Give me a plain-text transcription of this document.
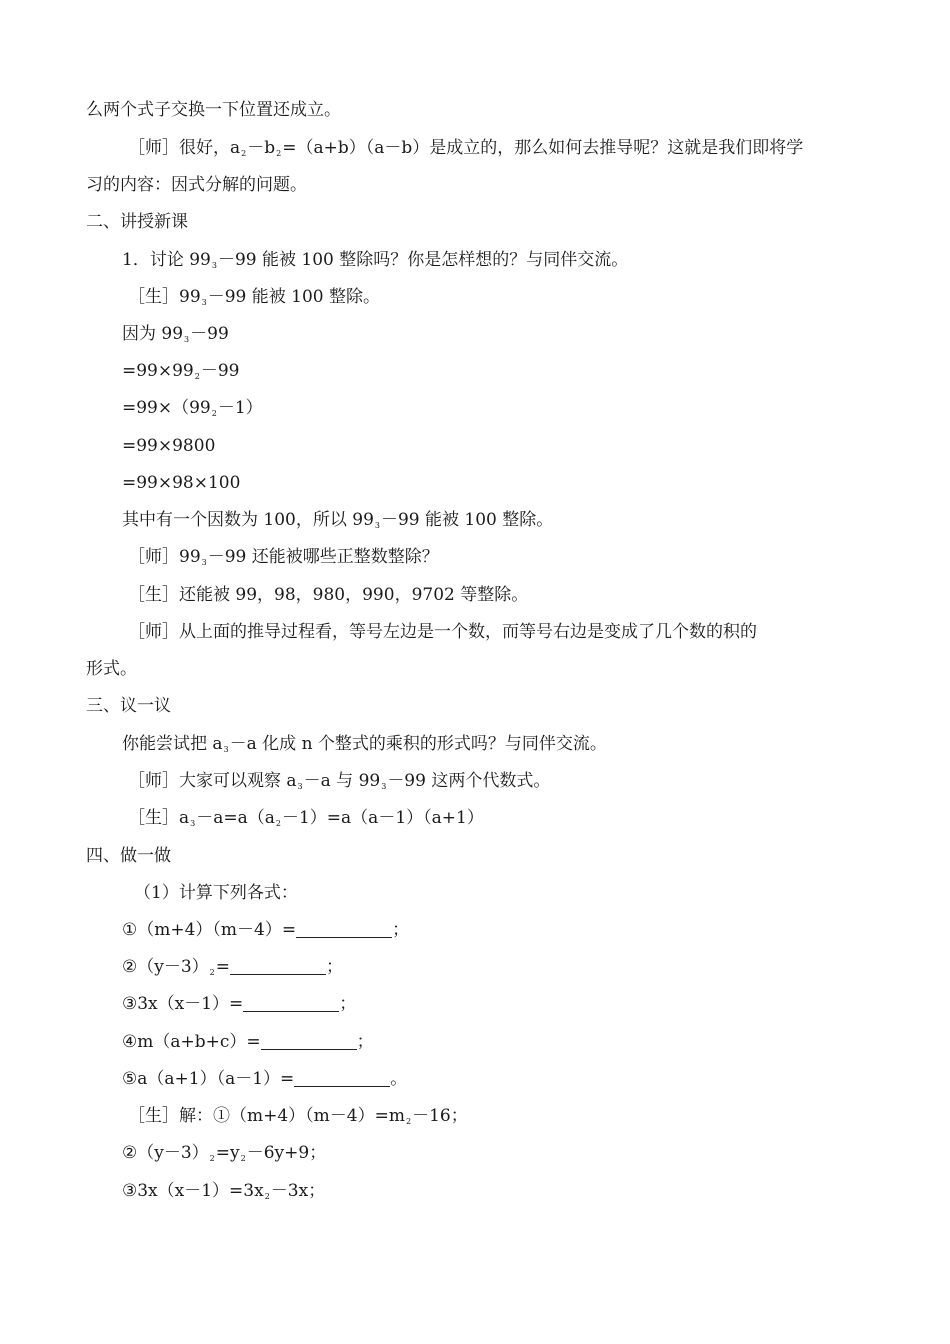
么两个式子交换一下位置还成立。
［师］很好，a2－b2=（a+b）（a－b）是成立的，那么如何去推导呢？这就是我们即将学
习的内容：因式分解的问题。
二、讲授新课
1．讨论 993－99 能被 100 整除吗？你是怎样想的？与同伴交流。
［生］993－99 能被 100 整除。
因为 993－99
=99×992－99
=99×（992－1）
=99×9800
=99×98×100
其中有一个因数为 100，所以 993－99 能被 100 整除。
［师］993－99 还能被哪些正整数整除？
［生］还能被 99，98，980，990，9702 等整除。
［师］从上面的推导过程看，等号左边是一个数，而等号右边是变成了几个数的积的
形式。
三、议一议
你能尝试把 a3－a 化成 n 个整式的乘积的形式吗？与同伴交流。
［师］大家可以观察 a3－a 与 993－99 这两个代数式。
［生］a3－a=a（a2－1）=a（a－1）（a+1）
四、做一做
（1）计算下列各式：
①（m+4）（m－4）=	；
②（y－3）2=	；
③3x（x－1）=	；
④m（a+b+c）=	；
⑤a（a+1）（a－1）=	。
［生］解：①（m+4）（m－4）=m2－16；
②（y－3）2=y2－6y+9；
③3x（x－1）=3x2－3x；
